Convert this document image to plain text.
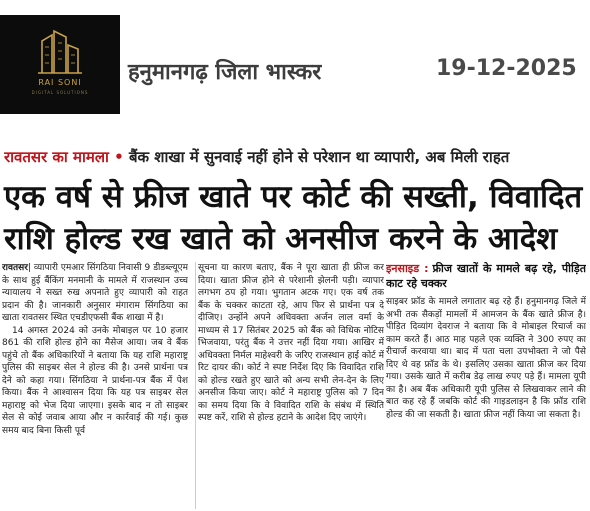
RAI SONI
DIGITAL SOLUTIONS
हनुमानगढ़ जिला भास्कर	19-12-2025
रावतसर का मामला • बैंक शाखा में सुनवाई नहीं होने से परेशान था व्यापारी, अब मिली राहत
एक वर्ष से फ्रीज खाते पर कोर्ट की सख्ती, विवादित
राशि होल्ड रख खाते को अनसीज करने के आदेश

रावतसर| व्यापारी एमआर सिंगठिया निवासी 9 डीडब्ल्यूएम के साथ हुई बैंकिंग मनमानी के मामले में राजस्थान उच्च न्यायालय ने सख्त रुख अपनाते हुए व्यापारी को राहत प्रदान की है। जानकारी अनुसार मंगाराम सिंगठिया का खाता रावतसर स्थित एचडीएफसी बैंक शाखा में है।

14 अगस्त 2024 को उनके मोबाइल पर 10 हजार 861 की राशि होल्ड होने का मैसेज आया। जब वे बैंक पहुंचे तो बैंक अधिकारियों ने बताया कि यह राशि महाराष्ट्र पुलिस की साइबर सेल ने होल्ड की है। उनसे प्रार्थना पत्र देने को कहा गया। सिंगठिया ने प्रार्थना-पत्र बैंक में पेश किया। बैंक ने आश्वासन दिया कि यह पत्र साइबर सेल महाराष्ट्र को भेज दिया जाएगा। इसके बाद न तो साइबर सेल से कोई जवाब आया और न कार्रवाई की गई। कुछ समय बाद बिना किसी पूर्व

सूचना या कारण बताए, बैंक ने पूरा खाता ही फ्रीज कर दिया। खाता फ्रीज होने से परेशानी झेलनी पड़ी। व्यापार लगभग ठप हो गया। भुगतान अटक गए। एक वर्ष तक बैंक के चक्कर काटता रहे, आप फिर से प्रार्थना पत्र दे दीजिए। उन्होंने अपने अधिवक्ता अर्जन लाल वर्मा के माध्यम से 17 सितंबर 2025 को बैंक को विधिक नोटिस भिजवाया, परंतु बैंक ने उत्तर नहीं दिया गया। आखिर में अधिवक्ता निर्मल माहेश्वरी के जरिए राजस्थान हाई कोर्ट में रिट दायर की। कोर्ट ने स्पष्ट निर्देश दिए कि विवादित राशि को होल्ड रखते हुए खाते को अन्य सभी लेन-देन के लिए अनसीज किया जाए। कोर्ट ने महाराष्ट्र पुलिस को 7 दिन का समय दिया कि वे विवादित राशि के संबंध में स्थिति स्पष्ट करें, राशि से होल्ड हटाने के आदेश दिए जाएंगे।

इनसाइड : फ्रीज खातों के मामले बढ़ रहे, पीड़ित काट रहे चक्कर

साइबर फ्रॉड के मामले लगातार बढ़ रहे हैं। हनुमानगढ़ जिले में अभी तक सैकड़ों मामलों में आमजन के बैंक खाते फ्रीज है। पीड़ित दिव्यांग देवराज ने बताया कि वे मोबाइल रिचार्ज का काम करते हैं। आठ माह पहले एक व्यक्ति ने 300 रुपए का रीचार्ज करवाया था। बाद में पता चला उपभोक्ता ने जो पैसे दिए थे वह फ्रॉड के थे। इसलिए उसका खाता फ्रीज कर दिया गया। उसके खाते में करीब डेढ़ लाख रुपए पड़े हैं। मामला यूपी का है। अब बैंक अधिकारी यूपी पुलिस से लिखवाकर लाने की बात कह रहे हैं जबकि कोर्ट की गाइडलाइन है कि फ्रॉड राशि होल्ड की जा सकती है। खाता फ्रीज नहीं किया जा सकता है।
